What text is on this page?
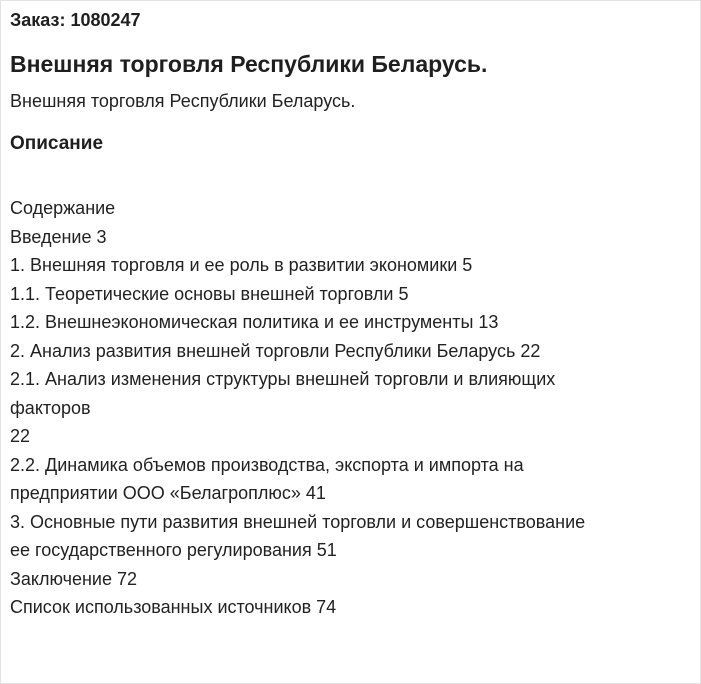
Заказ: 1080247
Внешняя торговля Республики Беларусь.
Внешняя торговля Республики Беларусь.
Описание
Содержание
Введение 3
1. Внешняя торговля и ее роль в развитии экономики 5
1.1. Теоретические основы внешней торговли 5
1.2. Внешнеэкономическая политика и ее инструменты 13
2. Анализ развития внешней торговли Республики Беларусь 22
2.1. Анализ изменения структуры внешней торговли и влияющих
факторов
22
2.2. Динамика объемов производства, экспорта и импорта на
предприятии ООО «Белагроплюс» 41
3. Основные пути развития внешней торговли и совершенствование
ее государственного регулирования 51
Заключение 72
Список использованных источников 74
